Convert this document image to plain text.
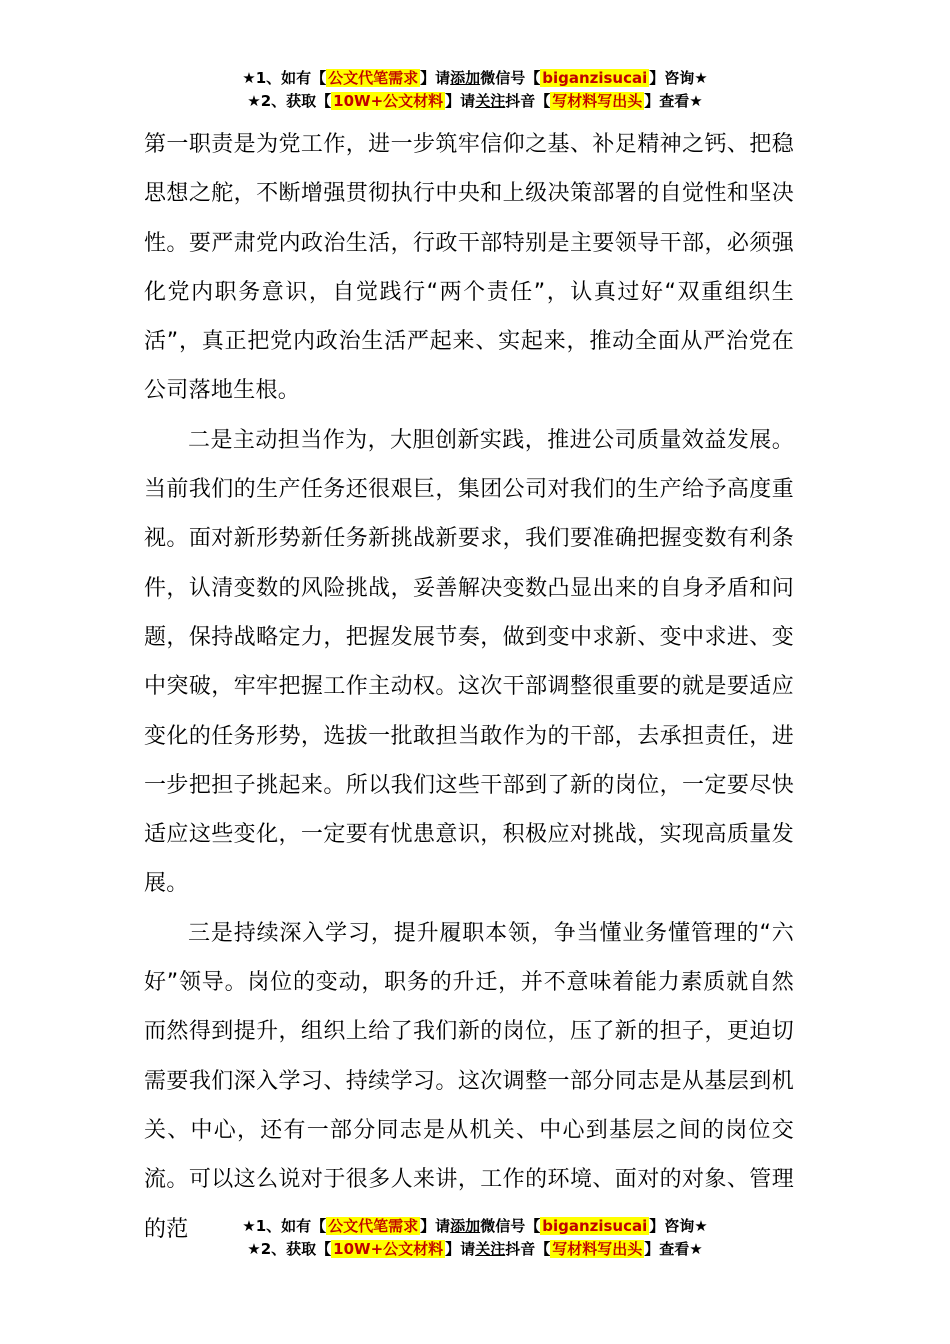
★1、如有【 公文代笔需求 】请添加微信号【 biganzisucai 】咨询★
★2、获取【 10W+公文材料 】请关注抖音【 写材料写出头 】查看★

第一职责是为党工作，进一步筑牢信仰之基、补足精神之钙、把稳思想之舵，不断增强贯彻执行中央和上级决策部署的自觉性和坚决性。要严肃党内政治生活，行政干部特别是主要领导干部，必须强化党内职务意识，自觉践行“两个责任”，认真过好“双重组织生活”，真正把党内政治生活严起来、实起来，推动全面从严治党在公司落地生根。

二是主动担当作为，大胆创新实践，推进公司质量效益发展。当前我们的生产任务还很艰巨，集团公司对我们的生产给予高度重视。面对新形势新任务新挑战新要求，我们要准确把握变数有利条件，认清变数的风险挑战，妥善解决变数凸显出来的自身矛盾和问题，保持战略定力，把握发展节奏，做到变中求新、变中求进、变中突破，牢牢把握工作主动权。这次干部调整很重要的就是要适应变化的任务形势，选拔一批敢担当敢作为的干部，去承担责任，进一步把担子挑起来。所以我们这些干部到了新的岗位，一定要尽快适应这些变化，一定要有忧患意识，积极应对挑战，实现高质量发展。

三是持续深入学习，提升履职本领，争当懂业务懂管理的“六好”领导。岗位的变动，职务的升迁，并不意味着能力素质就自然而然得到提升，组织上给了我们新的岗位，压了新的担子，更迫切需要我们深入学习、持续学习。这次调整一部分同志是从基层到机关、中心，还有一部分同志是从机关、中心到基层之间的岗位交流。可以这么说对于很多人来讲，工作的环境、面对的对象、管理的范	★1、如有【 公文代笔需求 】请添加微信号【 biganzisucai 】咨询★
★2、获取【 10W+公文材料 】请关注抖音【 写材料写出头 】查看★
